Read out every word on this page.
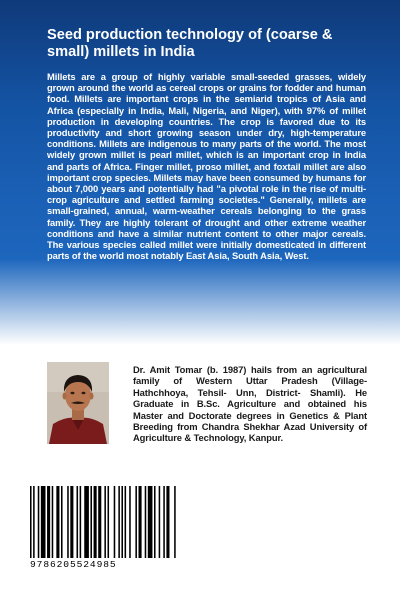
Seed production technology of (coarse & small) millets in India

Millets are a group of highly variable small-seeded grasses, widely grown around the world as cereal crops or grains for fodder and human food. Millets are important crops in the semiarid tropics of Asia and Africa (especially in India, Mali, Nigeria, and Niger), with 97% of millet production in developing countries. The crop is favored due to its productivity and short growing season under dry, high-temperature conditions. Millets are indigenous to many parts of the world. The most widely grown millet is pearl millet, which is an important crop in India and parts of Africa. Finger millet, proso millet, and foxtail millet are also important crop species. Millets may have been consumed by humans for about 7,000 years and potentially had "a pivotal role in the rise of multi-crop agriculture and settled farming societies." Generally, millets are small-grained, annual, warm-weather cereals belonging to the grass family. They are highly tolerant of drought and other extreme weather conditions and have a similar nutrient content to other major cereals. The various species called millet were initially domesticated in different parts of the world most notably East Asia, South Asia, West.

Dr. Amit Tomar (b. 1987) hails from an agricultural family of Western Uttar Pradesh (Village- Hathchhoya, Tehsil- Unn, District- Shamli). He Graduate in B.Sc. Agriculture and obtained his Master and Doctorate degrees in Genetics & Plant Breeding from Chandra Shekhar Azad University of Agriculture & Technology, Kanpur.

9786205524985
